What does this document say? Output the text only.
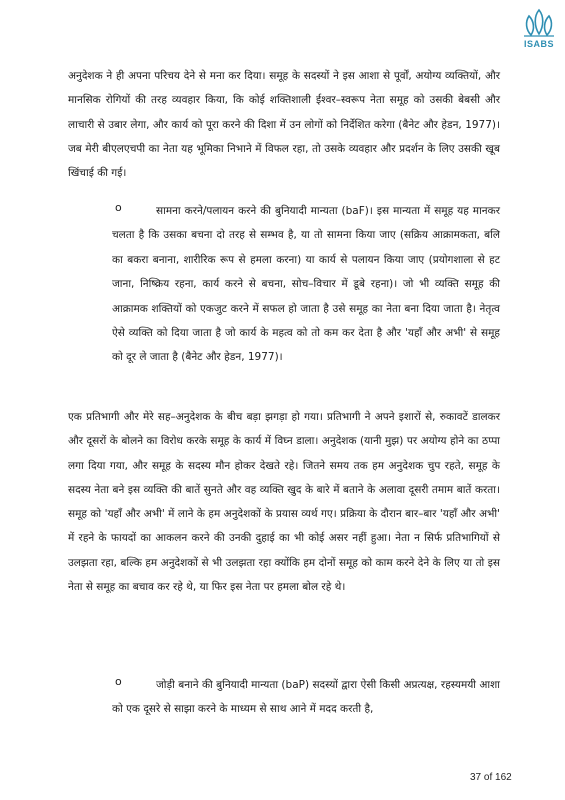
ISABS

अनुदेशक ने ही अपना परिचय देने से मना कर दिया। समूह के सदस्यों ने इस आशा से पूर्वों, अयोग्य व्यक्तियों, और मानसिक रोगियों की तरह व्यवहार किया, कि कोई शक्तिशाली ईश्वर–स्वरूप नेता समूह को उसकी बेबसी और लाचारी से उबार लेगा, और कार्य को पूरा करने की दिशा में उन लोगों को निर्देशित करेगा (बैनेट और हेडन, 1977)। जब मेरी बीएलएचपी का नेता यह भूमिका निभाने में विफल रहा, तो उसके व्यवहार और प्रदर्शन के लिए उसकी खूब खिंचाई की गई।

o	सामना करने/पलायन करने की बुनियादी मान्यता (baF)। इस मान्यता में समूह यह मानकर चलता है कि उसका बचना दो तरह से सम्भव है, या तो सामना किया जाए (सक्रिय आक्रामकता, बलि का बकरा बनाना, शारीरिक रूप से हमला करना) या कार्य से पलायन किया जाए (प्रयोगशाला से हट जाना, निष्क्रिय रहना, कार्य करने से बचना, सोच–विचार में डूबे रहना)। जो भी व्यक्ति समूह की आक्रामक शक्तियों को एकजुट करने में सफल हो जाता है उसे समूह का नेता बना दिया जाता है। नेतृत्व ऐसे व्यक्ति को दिया जाता है जो कार्य के महत्व को तो कम कर देता है और 'यहाँ और अभी' से समूह को दूर ले जाता है (बैनेट और हेडन, 1977)।

एक प्रतिभागी और मेरे सह–अनुदेशक के बीच बड़ा झगड़ा हो गया। प्रतिभागी ने अपने इशारों से, रुकावटें डालकर और दूसरों के बोलने का विरोध करके समूह के कार्य में विघ्न डाला। अनुदेशक (यानी मुझ) पर अयोग्य होने का ठप्पा लगा दिया गया, और समूह के सदस्य मौन होकर देखते रहे। जितने समय तक हम अनुदेशक चुप रहते, समूह के सदस्य नेता बने इस व्यक्ति की बातें सुनते और वह व्यक्ति खुद के बारे में बताने के अलावा दूसरी तमाम बातें करता। समूह को 'यहाँ और अभी' में लाने के हम अनुदेशकों के प्रयास व्यर्थ गए। प्रक्रिया के दौरान बार–बार 'यहाँ और अभी' में रहने के फायदों का आकलन करने की उनकी दुहाई का भी कोई असर नहीं हुआ। नेता न सिर्फ प्रतिभागियों से उलझता रहा, बल्कि हम अनुदेशकों से भी उलझता रहा क्योंकि हम दोनों समूह को काम करने देने के लिए या तो इस नेता से समूह का बचाव कर रहे थे, या फिर इस नेता पर हमला बोल रहे थे।

o	जोड़ी बनाने की बुनियादी मान्यता (baP) सदस्यों द्वारा ऐसी किसी अप्रत्यक्ष, रहस्यमयी आशा को एक दूसरे से साझा करने के माध्यम से साथ आने में मदद करती है,
37 of 162
